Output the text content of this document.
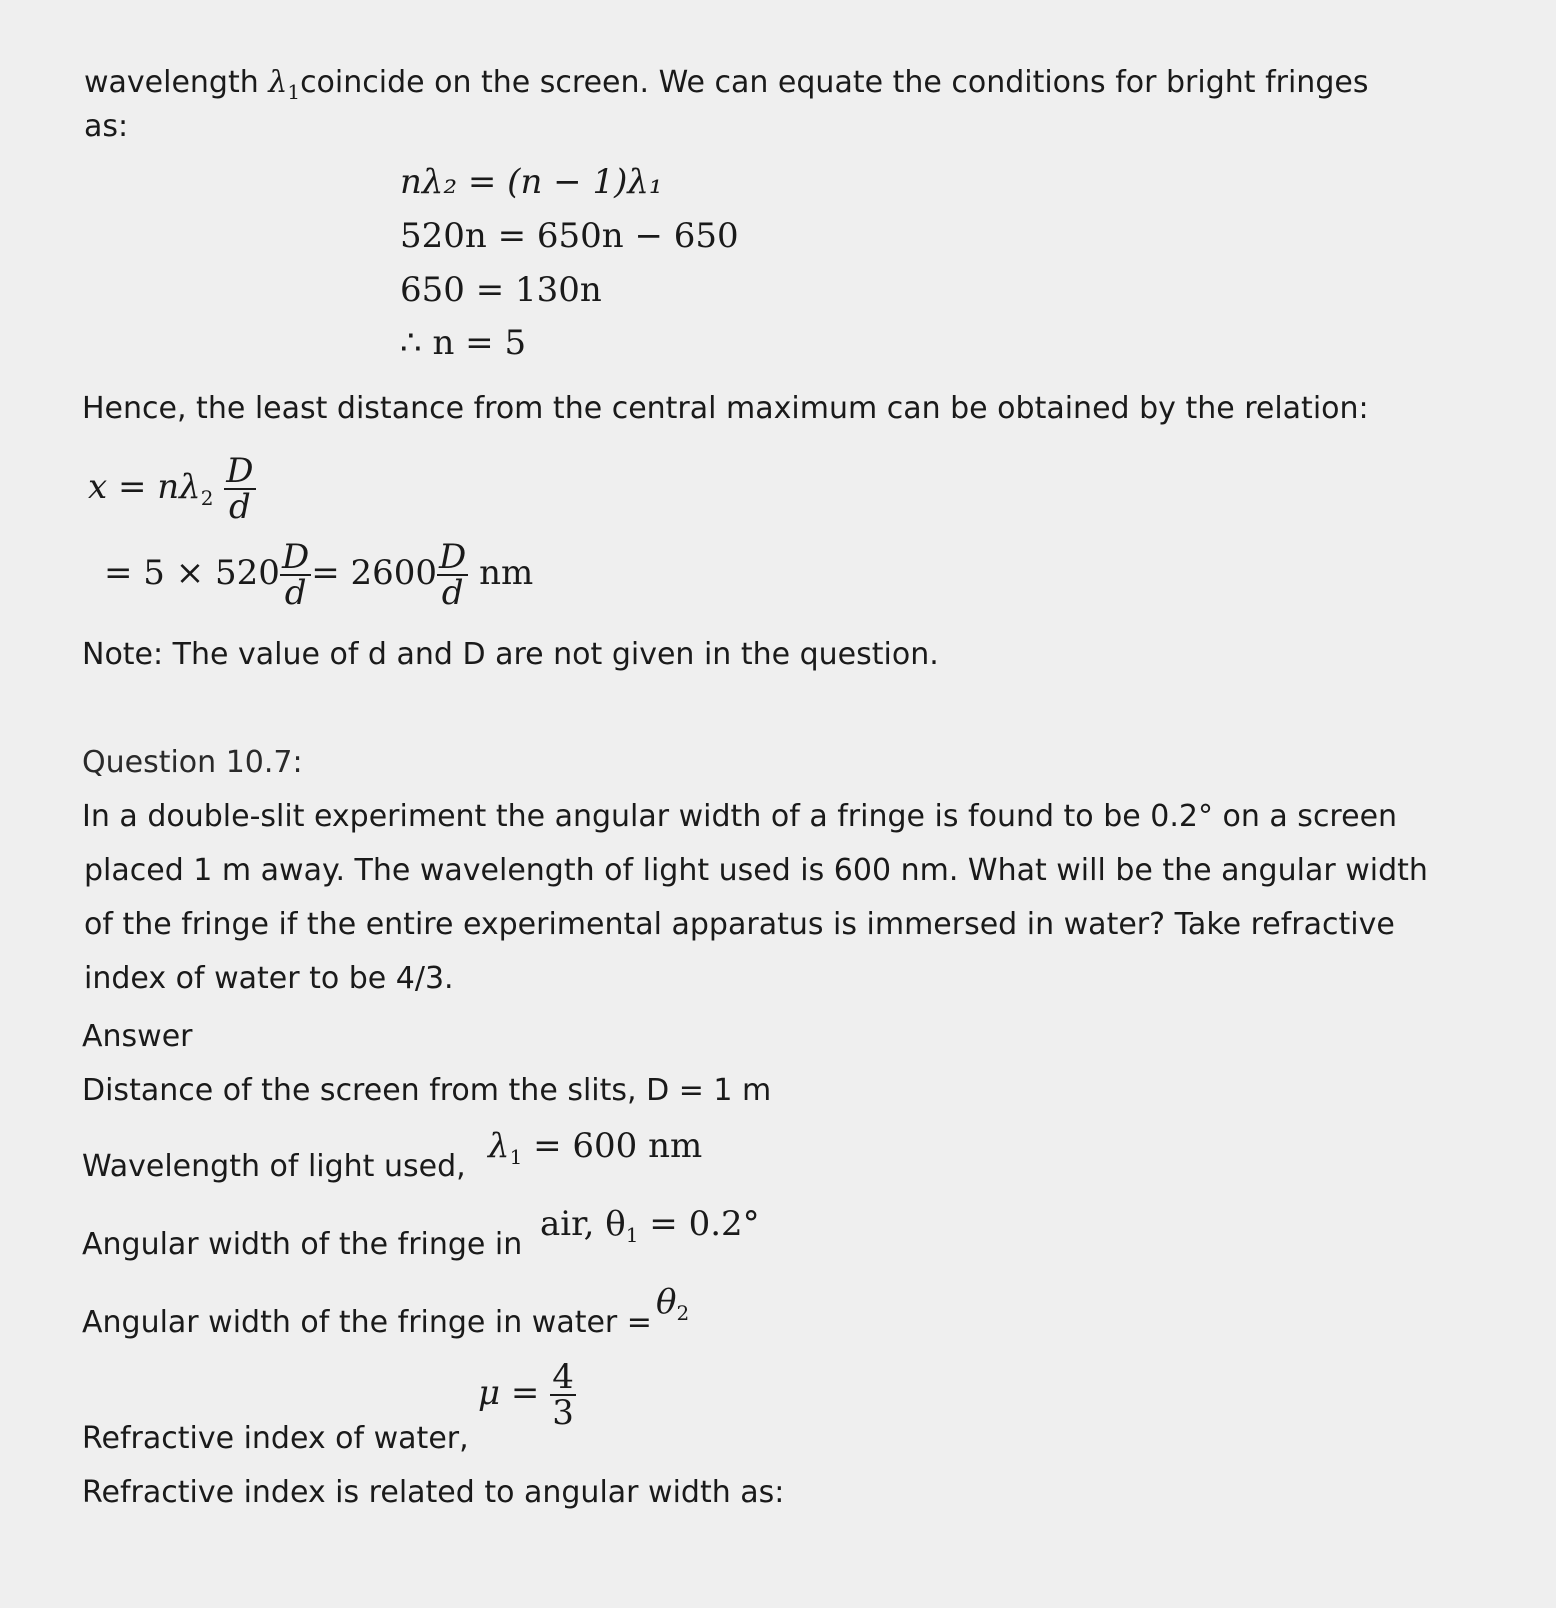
wavelength $\lambda_1coincide$ on the screen. We can equate the conditions for bright fringes

as:

nλ₂ = (n − 1)λ₁
520n = 650n − 650
650 = 130n
∴ n = 5

Hence, the least distance from the central maximum can be obtained by the relation:

$x = n\lambda_2 \frac{D}{d}$
= $5 \times 520 \frac{D}{d} = 2600 \frac{D}{d}$ nm

Note: The value of d and D are not given in the question.

Question 10.7:

In a double-slit experiment the angular width of a fringe is found to be 0.2° on a screen

placed 1 m away. The wavelength of light used is 600 nm. What will be the angular width

of the fringe if the entire experimental apparatus is immersed in water? Take refractive

index of water to be 4/3.

Answer

Distance of the screen from the slits, D = 1 m

Wavelength of light used,

$\lambda_1 = 600$ nm

Angular width of the fringe in

air, $\theta_1 = 0.2^\circ$

Angular width of the fringe in water =

$\theta_2$

Refractive index of water,

$\mu = \frac{4}{3}$

Refractive index is related to angular width as:
